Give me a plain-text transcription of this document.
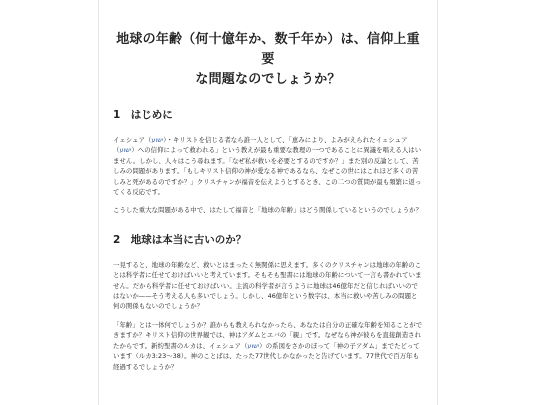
地球の年齢（何十億年か、数千年か）は、信仰上重要
な問題なのでしょうか？
1　はじめに

イェシュア（ישוע）・キリストを信じる者なら誰一人として、「恵みにより、よみがえられたイェシュア（ישוע）への信仰によって救われる」という教えが最も重要な教理の一つであることに異議を唱える人はいません。しかし、人々はこう尋ねます。「なぜ私が救いを必要とするのですか？」また別の反論として、苦しみの問題があります。「もしキリスト信仰の神が愛なる神であるなら、なぜこの世にはこれほど多くの苦しみと死があるのですか？」クリスチャンが福音を伝えようとするとき、この二つの質問が最も頻繁に返ってくる反応です。

こうした重大な問題がある中で、はたして福音と「地球の年齢」はどう関係しているというのでしょうか？

2　地球は本当に古いのか？

一見すると、地球の年齢など、救いとはまったく無関係に思えます。多くのクリスチャンは地球の年齢のことは科学者に任せておけばいいと考えています。そもそも聖書には地球の年齢について一言も書かれていません。だから科学者に任せておけばいい。主流の科学者が言うように地球は46億年だと信じればいいのではないか——そう考える人も多いでしょう。しかし、46億年という数字は、本当に救いや苦しみの問題と何の関係もないのでしょうか？

「年齢」とは一体何でしょうか？誰からも教えられなかったら、あなたは自分の正確な年齢を知ることができますか？キリスト信仰の世界観では、神はアダムとエバの「親」です。なぜなら神が彼らを直接創造されたからです。新約聖書のルカは、イェシュア（ישוע）の系図をさかのぼって「神の子アダム」までたどっています（ルカ3:23〜38）。神のことばは、たった77世代しかなかったと告げています。77世代で百万年も経過するでしょうか？
